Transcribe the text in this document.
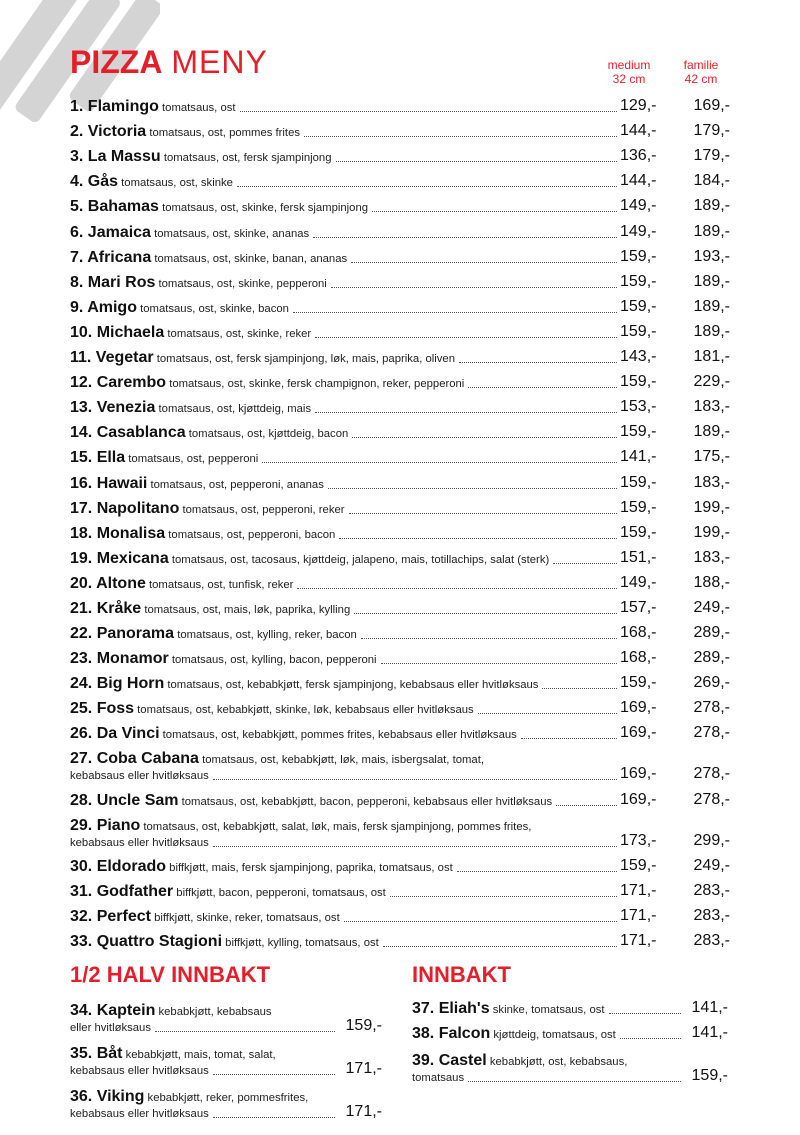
PIZZA MENY	medium
32 cm
familie
42 cm
1. Flamingo tomatsaus, ost	129,-	169,-
2. Victoria tomatsaus, ost, pommes frites	144,-	179,-
3. La Massu tomatsaus, ost, fersk sjampinjong	136,-	179,-
4. Gås tomatsaus, ost, skinke	144,-	184,-
5. Bahamas tomatsaus, ost, skinke, fersk sjampinjong	149,-	189,-
6. Jamaica tomatsaus, ost, skinke, ananas	149,-	189,-
7. Africana tomatsaus, ost, skinke, banan, ananas	159,-	193,-
8. Mari Ros tomatsaus, ost, skinke, pepperoni	159,-	189,-
9. Amigo tomatsaus, ost, skinke, bacon	159,-	189,-
10. Michaela tomatsaus, ost, skinke, reker	159,-	189,-
11. Vegetar tomatsaus, ost, fersk sjampinjong, løk, mais, paprika, oliven	143,-	181,-
12. Carembo tomatsaus, ost, skinke, fersk champignon, reker, pepperoni	159,-	229,-
13. Venezia tomatsaus, ost, kjøttdeig, mais	153,-	183,-
14. Casablanca tomatsaus, ost, kjøttdeig, bacon	159,-	189,-
15. Ella tomatsaus, ost, pepperoni	141,-	175,-
16. Hawaii tomatsaus, ost, pepperoni, ananas	159,-	183,-
17. Napolitano tomatsaus, ost, pepperoni, reker	159,-	199,-
18. Monalisa tomatsaus, ost, pepperoni, bacon	159,-	199,-
19. Mexicana tomatsaus, ost, tacosaus, kjøttdeig, jalapeno, mais, totillachips, salat (sterk)	151,-	183,-
20. Altone tomatsaus, ost, tunfisk, reker	149,-	188,-
21. Kråke tomatsaus, ost, mais, løk, paprika, kylling	157,-	249,-
22. Panorama tomatsaus, ost, kylling, reker, bacon	168,-	289,-
23. Monamor tomatsaus, ost, kylling, bacon, pepperoni	168,-	289,-
24. Big Horn tomatsaus, ost, kebabkjøtt, fersk sjampinjong, kebabsaus eller hvitløksaus	159,-	269,-
25. Foss tomatsaus, ost, kebabkjøtt, skinke, løk, kebabsaus eller hvitløksaus	169,-	278,-
26. Da Vinci tomatsaus, ost, kebabkjøtt, pommes frites, kebabsaus eller hvitløksaus	169,-	278,-
27. Coba Cabana tomatsaus, ost, kebabkjøtt, løk, mais, isbergsalat, tomat,
kebabsaus eller hvitløksaus	169,-	278,-
28. Uncle Sam tomatsaus, ost, kebabkjøtt, bacon, pepperoni, kebabsaus eller hvitløksaus	169,-	278,-
29. Piano tomatsaus, ost, kebabkjøtt, salat, løk, mais, fersk sjampinjong, pommes frites,
kebabsaus eller hvitløksaus	173,-	299,-
30. Eldorado biffkjøtt, mais, fersk sjampinjong, paprika, tomatsaus, ost	159,-	249,-
31. Godfather biffkjøtt, bacon, pepperoni, tomatsaus, ost	171,-	283,-
32. Perfect biffkjøtt, skinke, reker, tomatsaus, ost	171,-	283,-
33. Quattro Stagioni biffkjøtt, kylling, tomatsaus, ost	171,-	283,-
1/2 HALV INNBAKT	INNBAKT
34. Kaptein kebabkjøtt, kebabsaus
eller hvitløksaus	159,-
35. Båt kebabkjøtt, mais, tomat, salat,
kebabsaus eller hvitløksaus	171,-
36. Viking kebabkjøtt, reker, pommesfrites,
kebabsaus eller hvitløksaus	171,-
37. Eliah's skinke, tomatsaus, ost	141,-
38. Falcon kjøttdeig, tomatsaus, ost	141,-
39. Castel kebabkjøtt, ost, kebabsaus,
tomatsaus	159,-
